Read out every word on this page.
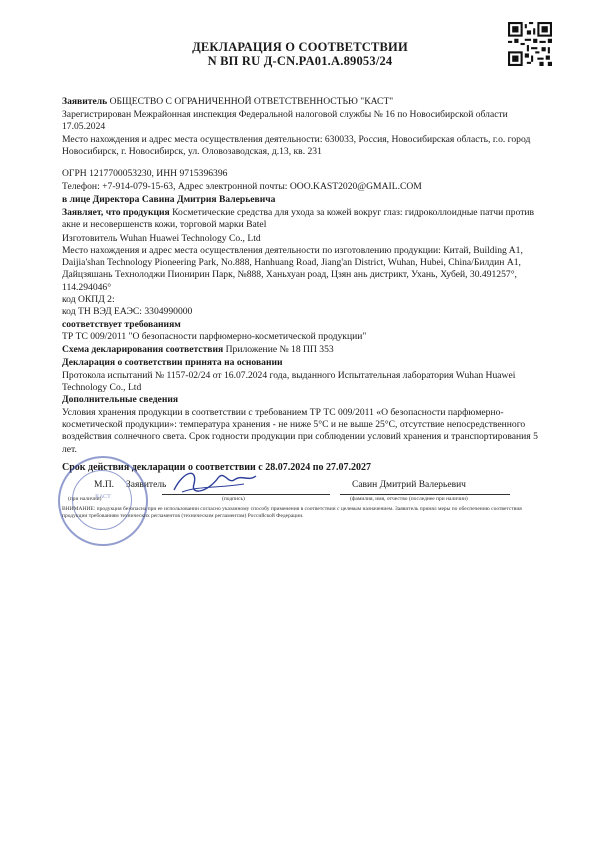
ДЕКЛАРАЦИЯ О СООТВЕТСТВИИ
N ВП RU Д-CN.PA01.A.89053/24
Заявитель ОБЩЕСТВО С ОГРАНИЧЕННОЙ ОТВЕТСТВЕННОСТЬЮ "КАСТ"
Зарегистрирован Межрайонная инспекция Федеральной налоговой службы № 16 по Новосибирской области 17.05.2024
Место нахождения и адрес места осуществления деятельности: 630033, Россия, Новосибирская область, г.о. город Новосибирск, г. Новосибирск, ул. Оловозаводская, д.13, кв. 231
ОГРН 1217700053230, ИНН 9715396396
Телефон: +7-914-079-15-63, Адрес электронной почты: OOO.KAST2020@GMAIL.COM
в лице Директора Савина Дмитрия Валерьевича
Заявляет, что продукция Косметические средства для ухода за кожей вокруг глаз: гидроколлоидные патчи против акне и несовершенств кожи, торговой марки Batel
Изготовитель Wuhan Huawei Technology Co., Ltd
Место нахождения и адрес места осуществления деятельности по изготовлению продукции: Китай, Building A1, Daijia'shan Technology Pioneering Park, No.888, Hanhuang Road, Jiang'an District, Wuhan, Hubei, China/Билдин А1, Дайцзяшань Технолоджи Пионирин Парк, №888, Ханьхуан роад, Цзян ань дистрикт, Ухань, Хубей, 30.491257°, 114.294046°
код ОКПД 2:
код ТН ВЭД ЕАЭС: 3304990000
соответствует требованиям
ТР ТС 009/2011 "О безопасности парфюмерно-косметической продукции"
Схема декларирования соответствия Приложение № 18 ПП 353
Декларация о соответствии принята на основании
Протокола испытаний № 1157-02/24 от 16.07.2024 года, выданного Испытательная лаборатория Wuhan Huawei Technology Co., Ltd
Дополнительные сведения
Условия хранения продукции в соответствии с требованием ТР ТС 009/2011 «О безопасности парфюмерно-косметической продукции»: температура хранения - не ниже 5°С и не выше 25°С, отсутствие непосредственного воздействия солнечного света. Срок годности продукции при соблюдении условий хранения и транспортирования 5 лет.
Срок действия декларации о соответствии с 28.07.2024 по 27.07.2027
М.П. Заявитель
(при наличии)	(подпись)
Савин Дмитрий Валерьевич
(фамилия, имя, отчество (последнее при наличии)
КАСТ
ВНИМАНИЕ: продукция безопасна при ее использовании согласно указанному способу применения в соответствии с целевым назначением. Заявитель принял меры по обеспечению соответствия продукции требованиям технических регламентов (техническим регламентам) Российской Федерации.
